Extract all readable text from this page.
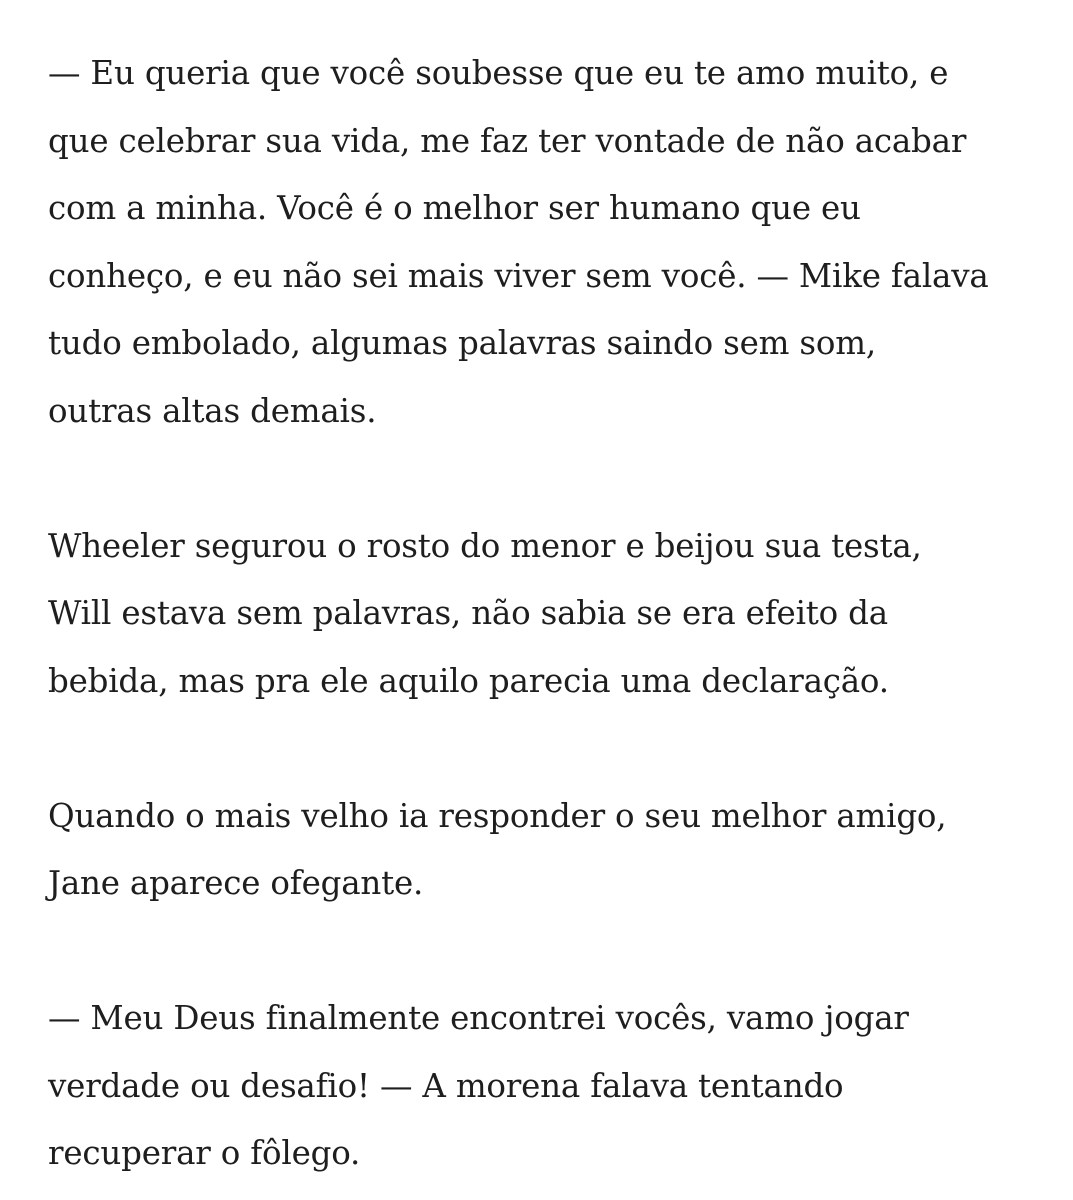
— Eu queria que você soubesse que eu te amo muito, e
que celebrar sua vida, me faz ter vontade de não acabar
com a minha. Você é o melhor ser humano que eu
conheço, e eu não sei mais viver sem você. — Mike falava
tudo embolado, algumas palavras saindo sem som,
outras altas demais.

Wheeler segurou o rosto do menor e beijou sua testa,
Will estava sem palavras, não sabia se era efeito da
bebida, mas pra ele aquilo parecia uma declaração.

Quando o mais velho ia responder o seu melhor amigo,
Jane aparece ofegante.

— Meu Deus finalmente encontrei vocês, vamo jogar
verdade ou desafio! — A morena falava tentando
recuperar o fôlego.
